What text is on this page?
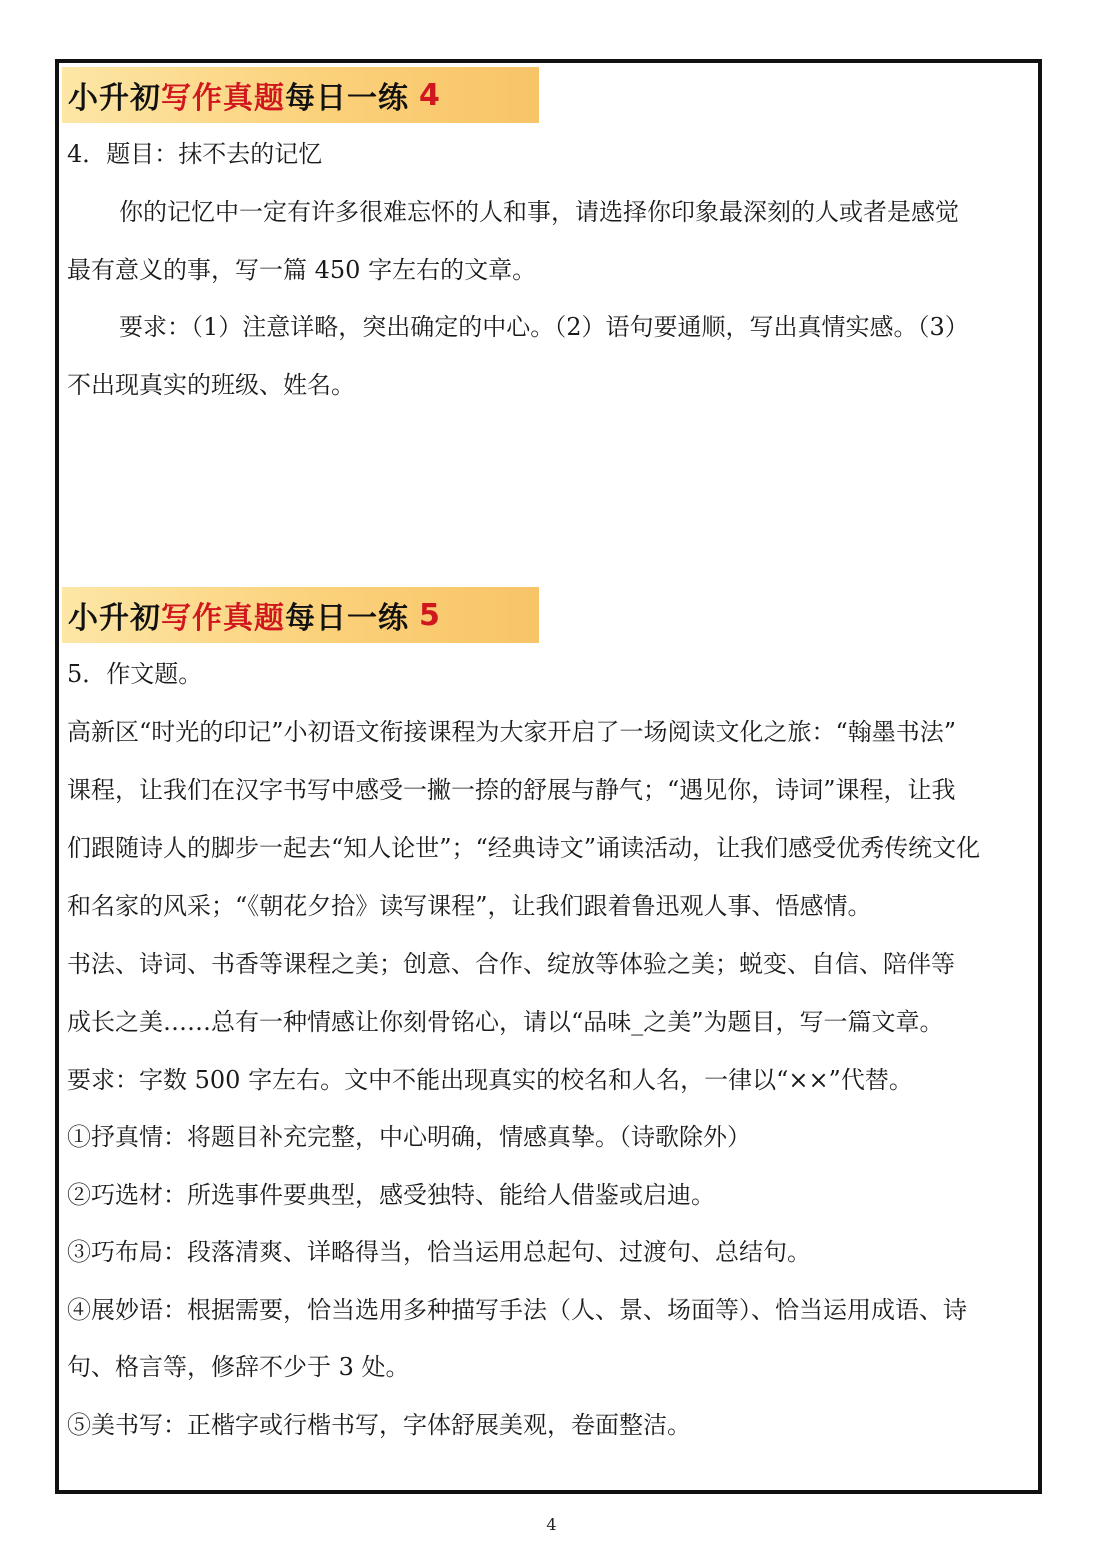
小升初 写作真题 每日一练 4
4．题目：抹不去的记忆
你的记忆中一定有许多很难忘怀的人和事，请选择你印象最深刻的人或者是感觉
最有意义的事，写一篇 450 字左右的文章。
要求：（1）注意详略，突出确定的中心。（2）语句要通顺，写出真情实感。（3）
不出现真实的班级、姓名。
小升初 写作真题 每日一练 5
5．作文题。
高新区“时光的印记”小初语文衔接课程为大家开启了一场阅读文化之旅：“翰墨书法”
课程，让我们在汉字书写中感受一撇一捺的舒展与静气；“遇见你，诗词”课程，让我
们跟随诗人的脚步一起去“知人论世”；“经典诗文”诵读活动，让我们感受优秀传统文化
和名家的风采；“《朝花夕拾》读写课程”，让我们跟着鲁迅观人事、悟感情。
书法、诗词、书香等课程之美；创意、合作、绽放等体验之美；蜕变、自信、陪伴等
成长之美……总有一种情感让你刻骨铭心，请以“品味_之美”为题目，写一篇文章。
要求：字数 500 字左右。文中不能出现真实的校名和人名，一律以“××”代替。
①抒真情：将题目补充完整，中心明确，情感真挚。（诗歌除外）
②巧选材：所选事件要典型，感受独特、能给人借鉴或启迪。
③巧布局：段落清爽、详略得当，恰当运用总起句、过渡句、总结句。
④展妙语：根据需要，恰当选用多种描写手法（人、景、场面等）、恰当运用成语、诗
句、格言等，修辞不少于 3 处。
⑤美书写：正楷字或行楷书写，字体舒展美观，卷面整洁。
4
